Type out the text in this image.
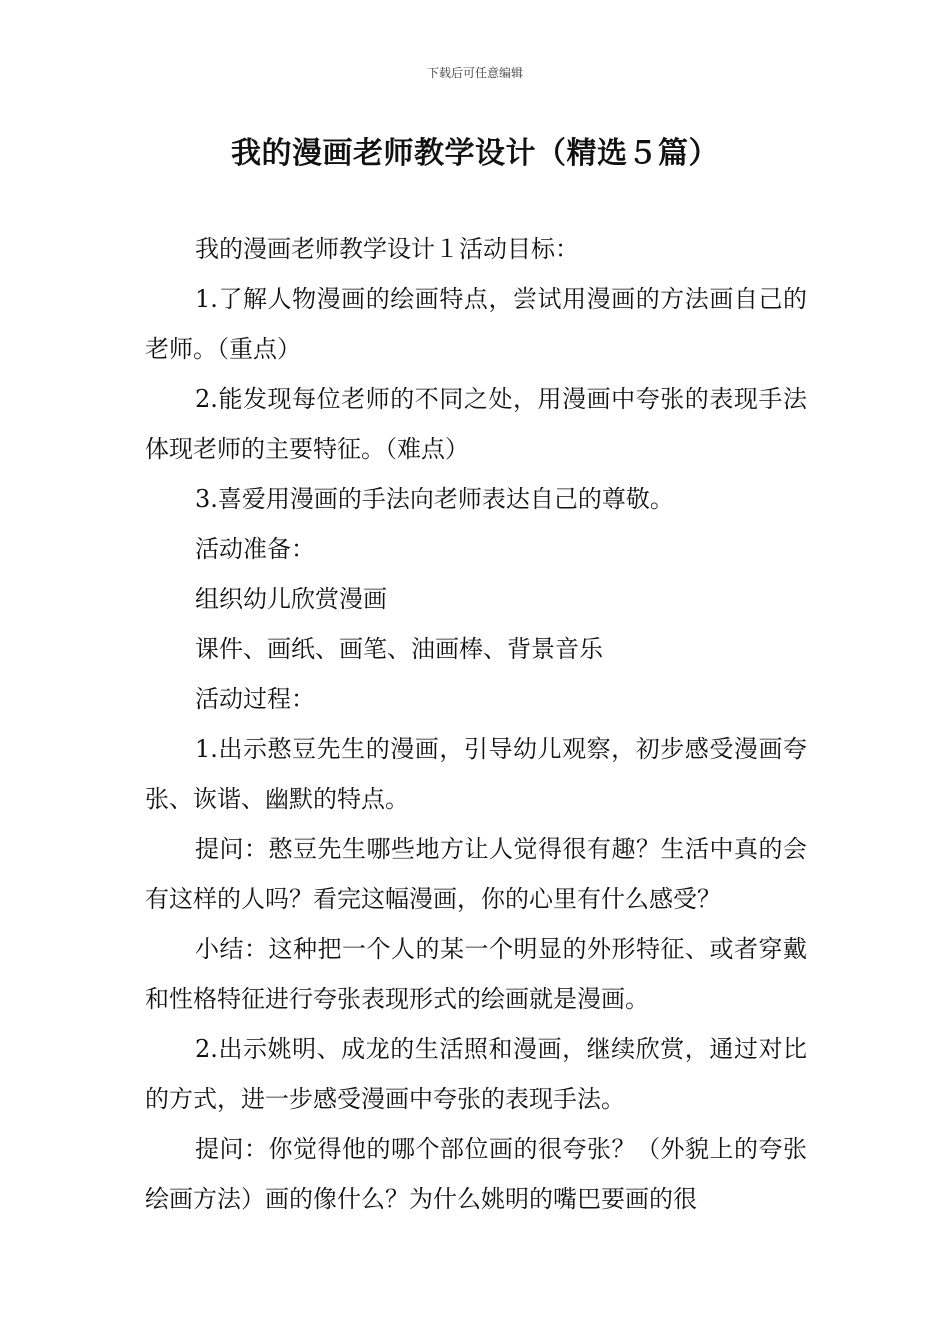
下载后可任意编辑
我的漫画老师教学设计（精选５篇）

我的漫画老师教学设计１活动目标：

1.了解人物漫画的绘画特点，尝试用漫画的方法画自己的老师。（重点）

2.能发现每位老师的不同之处，用漫画中夸张的表现手法体现老师的主要特征。（难点）

3.喜爱用漫画的手法向老师表达自己的尊敬。

活动准备：

组织幼儿欣赏漫画

课件、画纸、画笔、油画棒、背景音乐

活动过程：

1.出示憨豆先生的漫画，引导幼儿观察，初步感受漫画夸张、诙谐、幽默的特点。

提问：憨豆先生哪些地方让人觉得很有趣？生活中真的会有这样的人吗？看完这幅漫画，你的心里有什么感受？

小结：这种把一个人的某一个明显的外形特征、或者穿戴和性格特征进行夸张表现形式的绘画就是漫画。

2.出示姚明、成龙的生活照和漫画，继续欣赏，通过对比的方式，进一步感受漫画中夸张的表现手法。

提问：你觉得他的哪个部位画的很夸张？（外貌上的夸张绘画方法）画的像什么？为什么姚明的嘴巴要画的很
